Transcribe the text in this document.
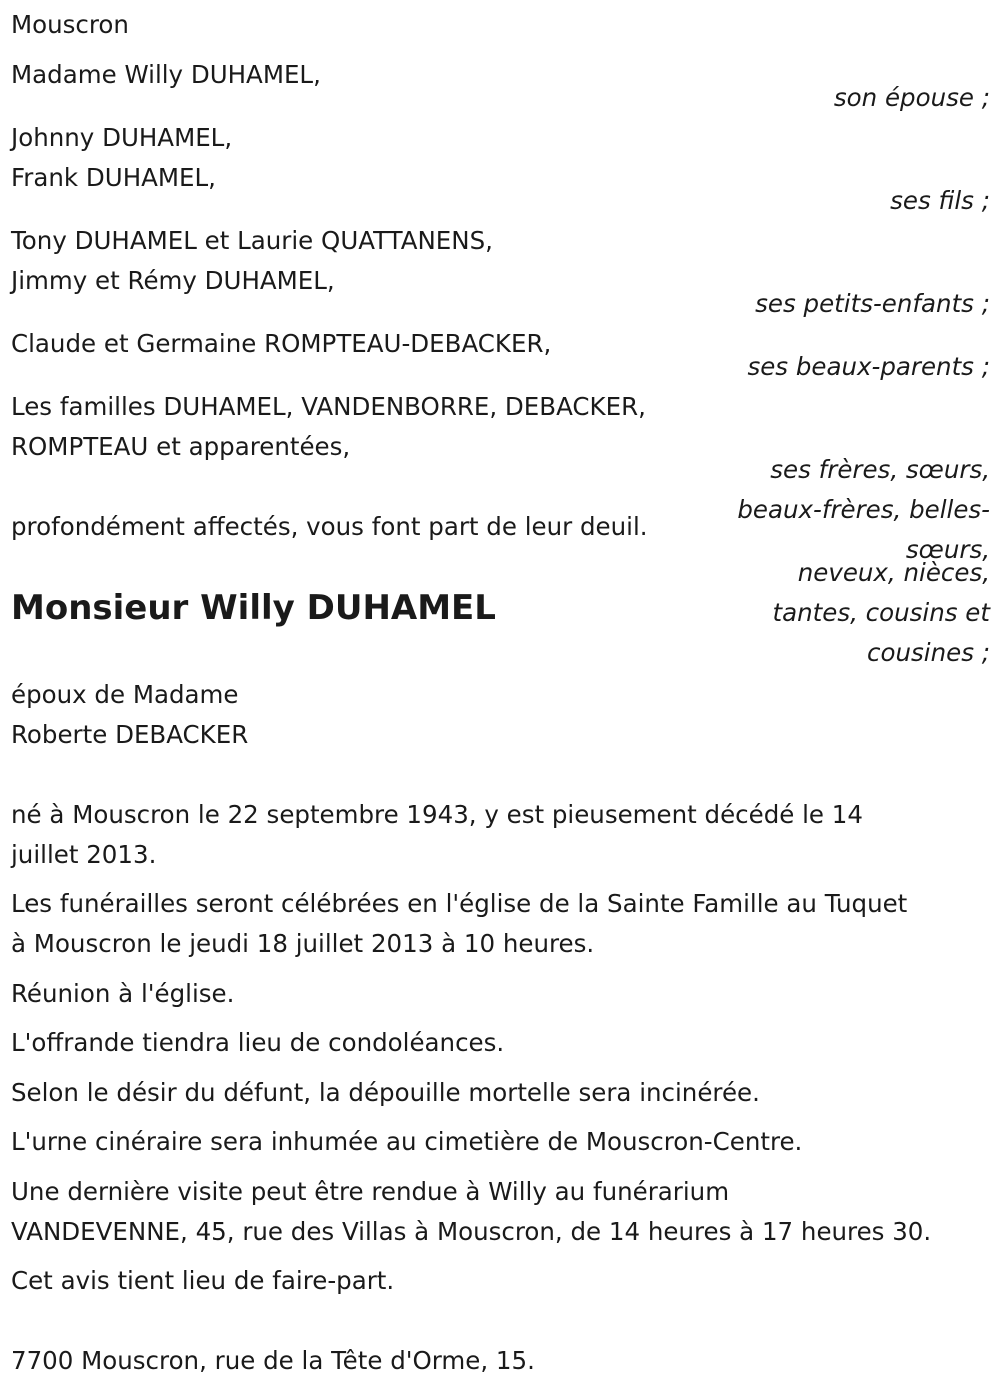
Mouscron
Madame Willy DUHAMEL,
son épouse ;
Johnny DUHAMEL,
Frank DUHAMEL,
ses fils ;
Tony DUHAMEL et Laurie QUATTANENS,
Jimmy et Rémy DUHAMEL,
ses petits-enfants ;
Claude et Germaine ROMPTEAU-DEBACKER,
ses beaux-parents ;
Les familles DUHAMEL, VANDENBORRE, DEBACKER,
ROMPTEAU et apparentées,
ses frères, sœurs,
beaux-frères, belles-
sœurs,
neveux, nièces,
tantes, cousins et
cousines ;
profondément affectés, vous font part de leur deuil.
Monsieur Willy DUHAMEL
époux de Madame
Roberte DEBACKER
né à Mouscron le 22 septembre 1943, y est pieusement décédé le 14
juillet 2013.
Les funérailles seront célébrées en l'église de la Sainte Famille au Tuquet
à Mouscron le jeudi 18 juillet 2013 à 10 heures.
Réunion à l'église.
L'offrande tiendra lieu de condoléances.
Selon le désir du défunt, la dépouille mortelle sera incinérée.
L'urne cinéraire sera inhumée au cimetière de Mouscron-Centre.
Une dernière visite peut être rendue à Willy au funérarium
VANDEVENNE, 45, rue des Villas à Mouscron, de 14 heures à 17 heures 30.
Cet avis tient lieu de faire-part.
7700 Mouscron, rue de la Tête d'Orme, 15.
